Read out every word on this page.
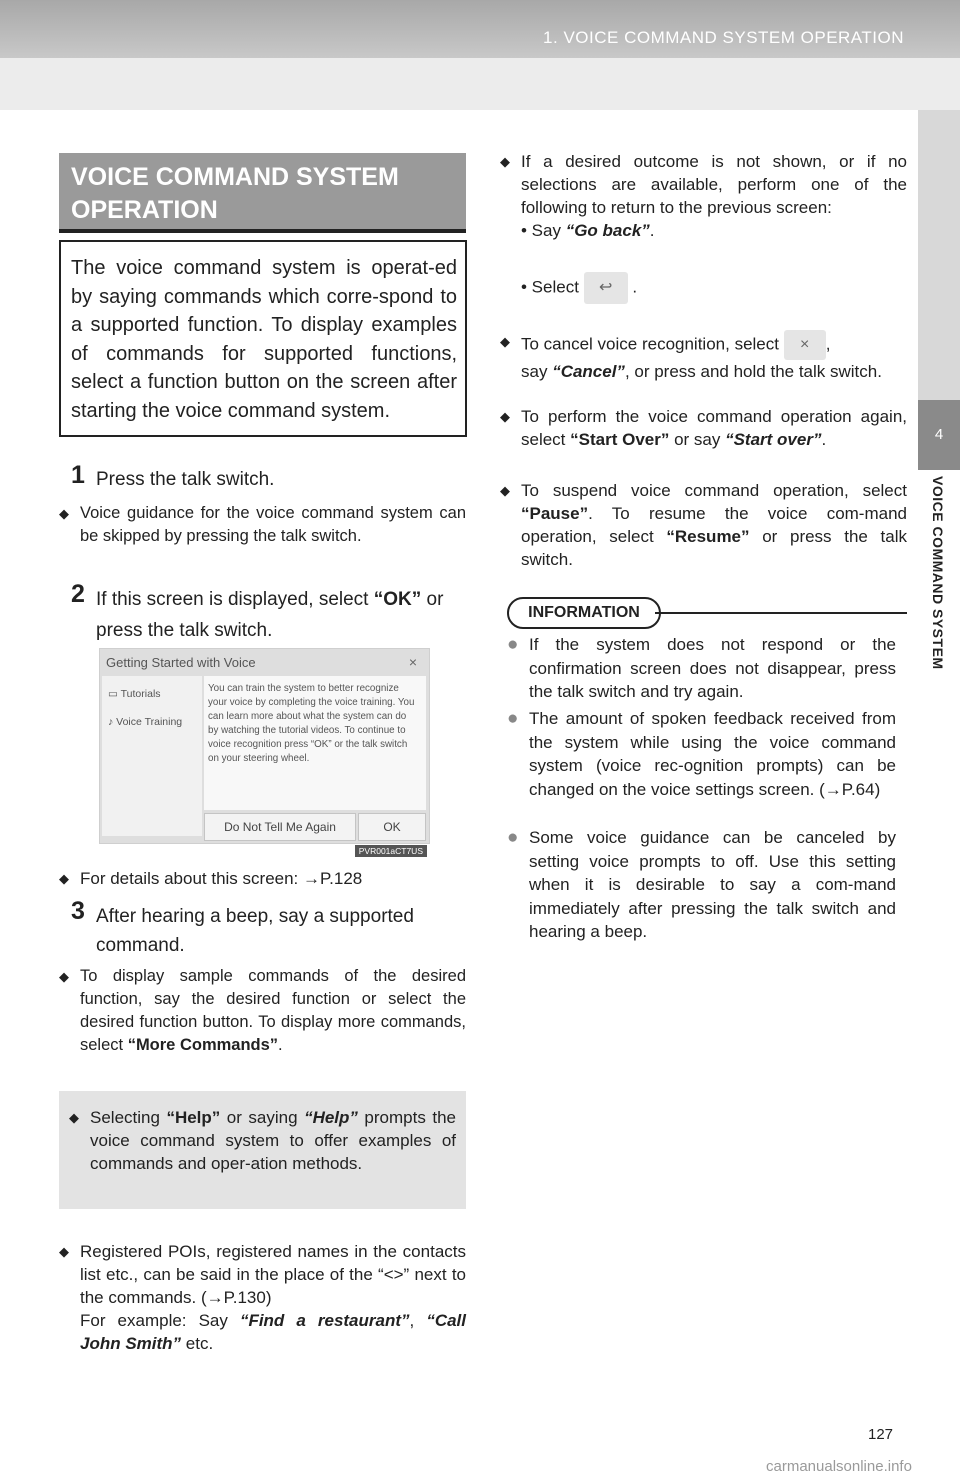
1. VOICE COMMAND SYSTEM OPERATION
4
VOICE COMMAND SYSTEM
VOICE COMMAND SYSTEM OPERATION
The voice command system is operat-ed by saying commands which corre-spond to a supported function. To display examples of commands for supported functions, select a function button on the screen after starting the voice command system.
1 Press the talk switch.
◆ Voice guidance for the voice command system can be skipped by pressing the talk switch.
2 If this screen is displayed, select “OK” or press the talk switch.
Getting Started with Voice	×
▭ Tutorials
♪ Voice Training
You can train the system to better recognize your voice by completing the voice training. You can learn more about what the system can do by watching the tutorial videos. To continue to voice recognition press “OK” or the talk switch on your steering wheel.
Do Not Tell Me Again	OK
PVR001aCT7US
◆ For details about this screen: →P.128
3 After hearing a beep, say a supported command.
◆ To display sample commands of the desired function, say the desired function or select the desired function button. To display more commands, select “More Commands”.
◆ Selecting “Help” or saying “Help” prompts the voice command system to offer examples of commands and oper-ation methods.
◆ Registered POIs, registered names in the contacts list etc., can be said in the place of the “<>” next to the commands. (→P.130)
For example: Say “Find a restaurant”, “Call John Smith” etc.
◆ If a desired outcome is not shown, or if no selections are available, perform one of the following to return to the previous screen:
• Say “Go back”.
• Select ↩ .
◆ To cancel voice recognition, select × ,
say “Cancel”, or press and hold the talk switch.
◆ To perform the voice command operation again, select “Start Over” or say “Start over”.
◆ To suspend voice command operation, select “Pause”. To resume the voice com-mand operation, select “Resume” or press the talk switch.
INFORMATION
● If the system does not respond or the confirmation screen does not disappear, press the talk switch and try again.
● The amount of spoken feedback received from the system while using the voice command system (voice rec-ognition prompts) can be changed on the voice settings screen. (→P.64)
● Some voice guidance can be canceled by setting voice prompts to off. Use this setting when it is desirable to say a com-mand immediately after pressing the talk switch and hearing a beep.
127
carmanualsonline.info
